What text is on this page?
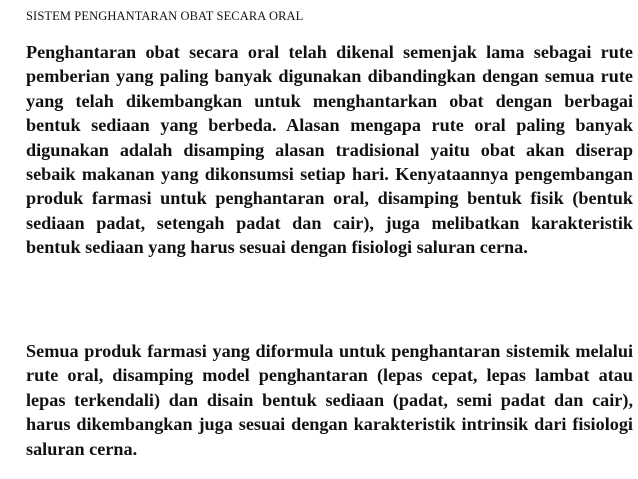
SISTEM PENGHANTARAN OBAT SECARA ORAL

Penghantaran obat secara oral telah dikenal semenjak lama sebagai rute pemberian yang paling banyak digunakan dibandingkan dengan semua rute yang telah dikembangkan untuk menghantarkan obat dengan berbagai bentuk sediaan yang berbeda. Alasan mengapa rute oral paling banyak digunakan adalah disamping alasan tradisional yaitu obat akan diserap sebaik makanan yang dikonsumsi setiap hari. Kenyataannya pengembangan produk farmasi untuk penghantaran oral, disamping bentuk fisik (bentuk sediaan padat, setengah padat dan cair), juga melibatkan karakteristik bentuk sediaan yang harus sesuai dengan fisiologi saluran cerna.

Semua produk farmasi yang diformula untuk penghantaran sistemik melalui rute oral, disamping model penghantaran (lepas cepat, lepas lambat atau lepas terkendali) dan disain bentuk sediaan (padat, semi padat dan cair), harus dikembangkan juga sesuai dengan karakteristik intrinsik dari fisiologi saluran cerna.
